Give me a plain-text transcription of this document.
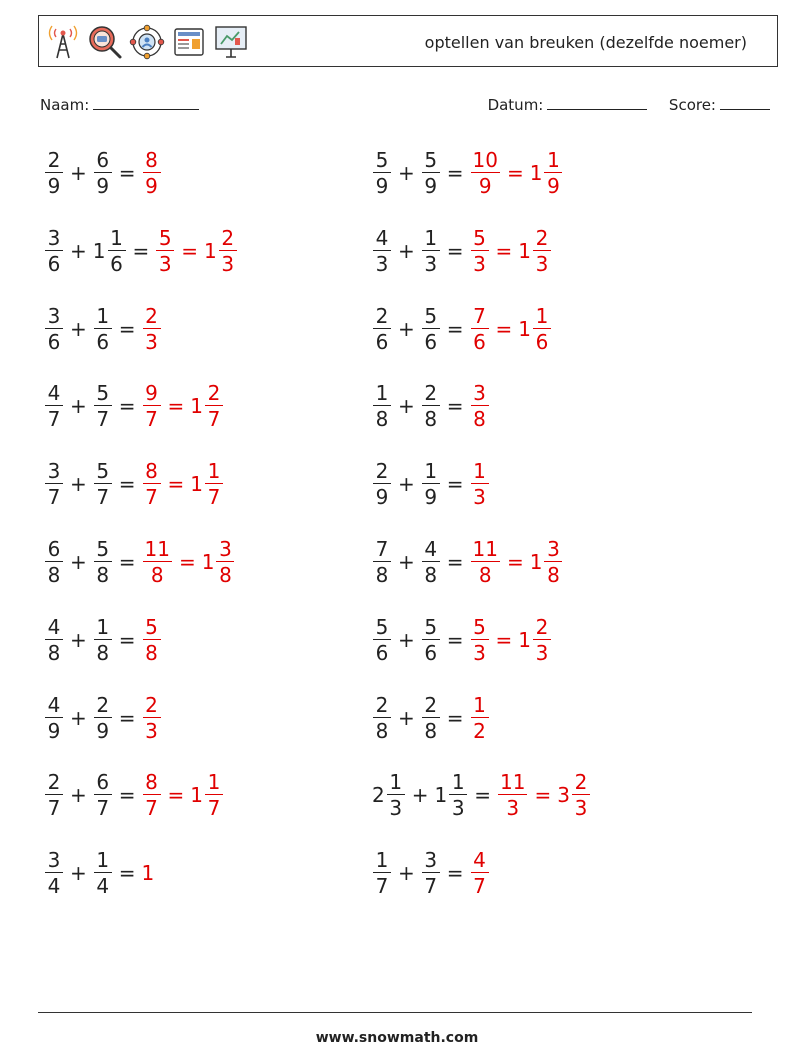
optellen van breuken (dezelfde noemer)
Naam:	Datum:	Score:
$\frac{2}{9} + \frac{6}{9} = \frac{8}{9}$	$\frac{5}{9} + \frac{5}{9} = \frac{10}{9} = 1 \frac{1}{9}$
$\frac{3}{6} + 1 \frac{1}{6} = \frac{5}{3} = 1 \frac{2}{3}$	$\frac{4}{3} + \frac{1}{3} = \frac{5}{3} = 1 \frac{2}{3}$
$\frac{3}{6} + \frac{1}{6} = \frac{2}{3}$	$\frac{2}{6} + \frac{5}{6} = \frac{7}{6} = 1 \frac{1}{6}$
$\frac{4}{7} + \frac{5}{7} = \frac{9}{7} = 1 \frac{2}{7}$	$\frac{1}{8} + \frac{2}{8} = \frac{3}{8}$
$\frac{3}{7} + \frac{5}{7} = \frac{8}{7} = 1 \frac{1}{7}$	$\frac{2}{9} + \frac{1}{9} = \frac{1}{3}$
$\frac{6}{8} + \frac{5}{8} = \frac{11}{8} = 1 \frac{3}{8}$	$\frac{7}{8} + \frac{4}{8} = \frac{11}{8} = 1 \frac{3}{8}$
$\frac{4}{8} + \frac{1}{8} = \frac{5}{8}$	$\frac{5}{6} + \frac{5}{6} = \frac{5}{3} = 1 \frac{2}{3}$
$\frac{4}{9} + \frac{2}{9} = \frac{2}{3}$	$\frac{2}{8} + \frac{2}{8} = \frac{1}{2}$
$\frac{2}{7} + \frac{6}{7} = \frac{8}{7} = 1 \frac{1}{7}$	$2 \frac{1}{3} + 1 \frac{1}{3} = \frac{11}{3} = 3 \frac{2}{3}$
$\frac{3}{4} + \frac{1}{4} = 1$	$\frac{1}{7} + \frac{3}{7} = \frac{4}{7}$
www.snowmath.com
